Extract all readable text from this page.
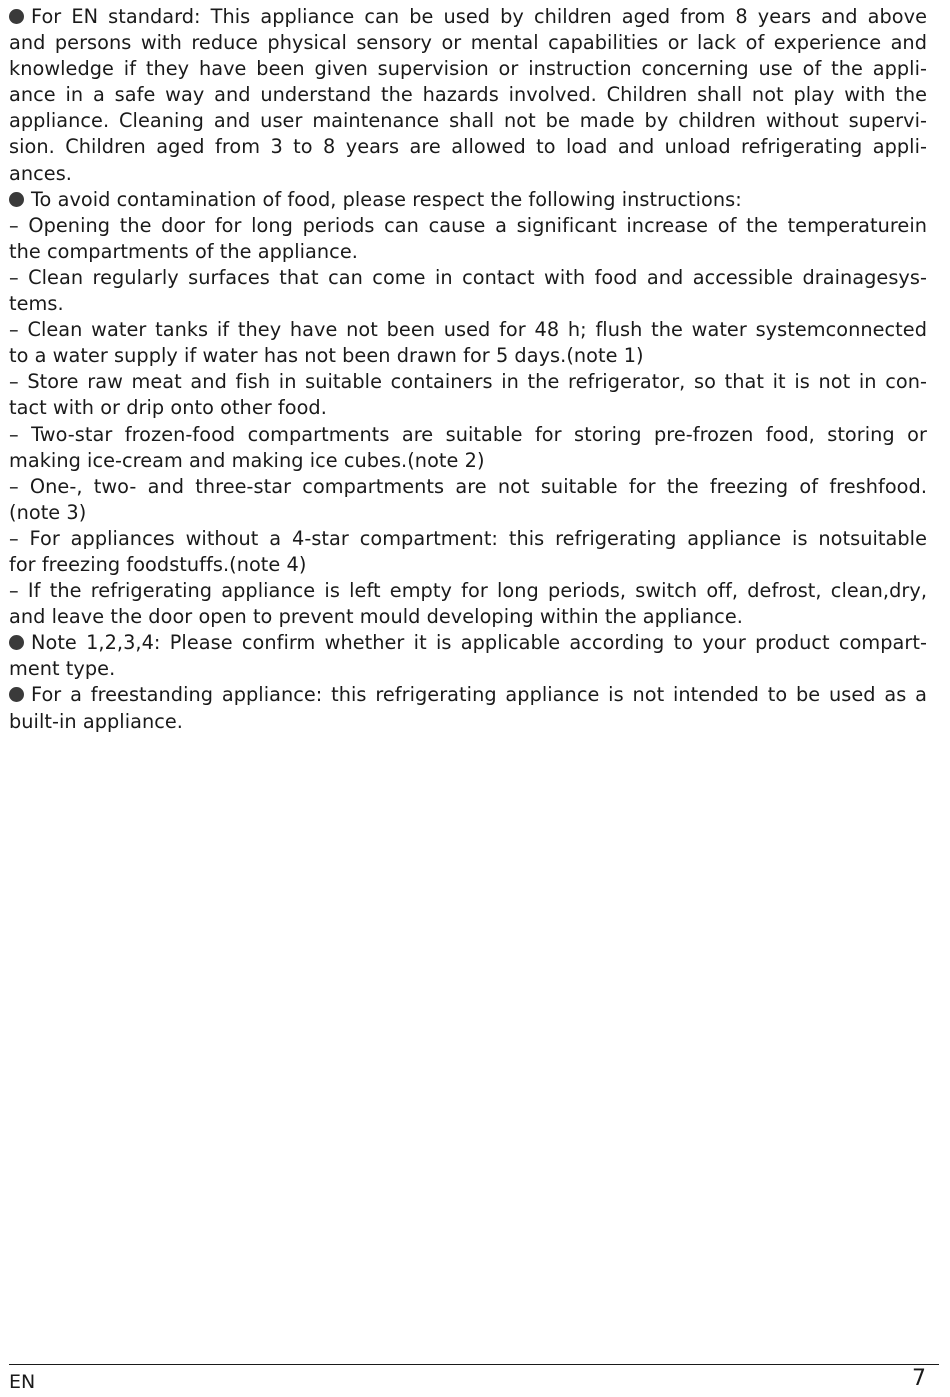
For EN standard: This appliance can be used by children aged from 8 years and above
and persons with reduce physical sensory or mental capabilities or lack of experience and
knowledge if they have been given supervision or instruction concerning use of the appli-
ance in a safe way and understand the hazards involved. Children shall not play with the
appliance. Cleaning and user maintenance shall not be made by children without supervi-
sion. Children aged from 3 to 8 years are allowed to load and unload refrigerating appli-
ances.
To avoid contamination of food, please respect the following instructions:
– Opening the door for long periods can cause a significant increase of the temperaturein
the compartments of the appliance.
– Clean regularly surfaces that can come in contact with food and accessible drainagesys-
tems.
– Clean water tanks if they have not been used for 48 h; flush the water systemconnected
to a water supply if water has not been drawn for 5 days.(note 1)
– Store raw meat and fish in suitable containers in the refrigerator, so that it is not in con-
tact with or drip onto other food.
– Two-star frozen-food compartments are suitable for storing pre-frozen food, storing or
making ice-cream and making ice cubes.(note 2)
– One-, two- and three-star compartments are not suitable for the freezing of freshfood.
(note 3)
– For appliances without a 4-star compartment: this refrigerating appliance is notsuitable
for freezing foodstuffs.(note 4)
– If the refrigerating appliance is left empty for long periods, switch off, defrost, clean,dry,
and leave the door open to prevent mould developing within the appliance.
Note 1,2,3,4: Please confirm whether it is applicable according to your product compart-
ment type.
For a freestanding appliance: this refrigerating appliance is not intended to be used as a
built-in appliance.
EN	7
